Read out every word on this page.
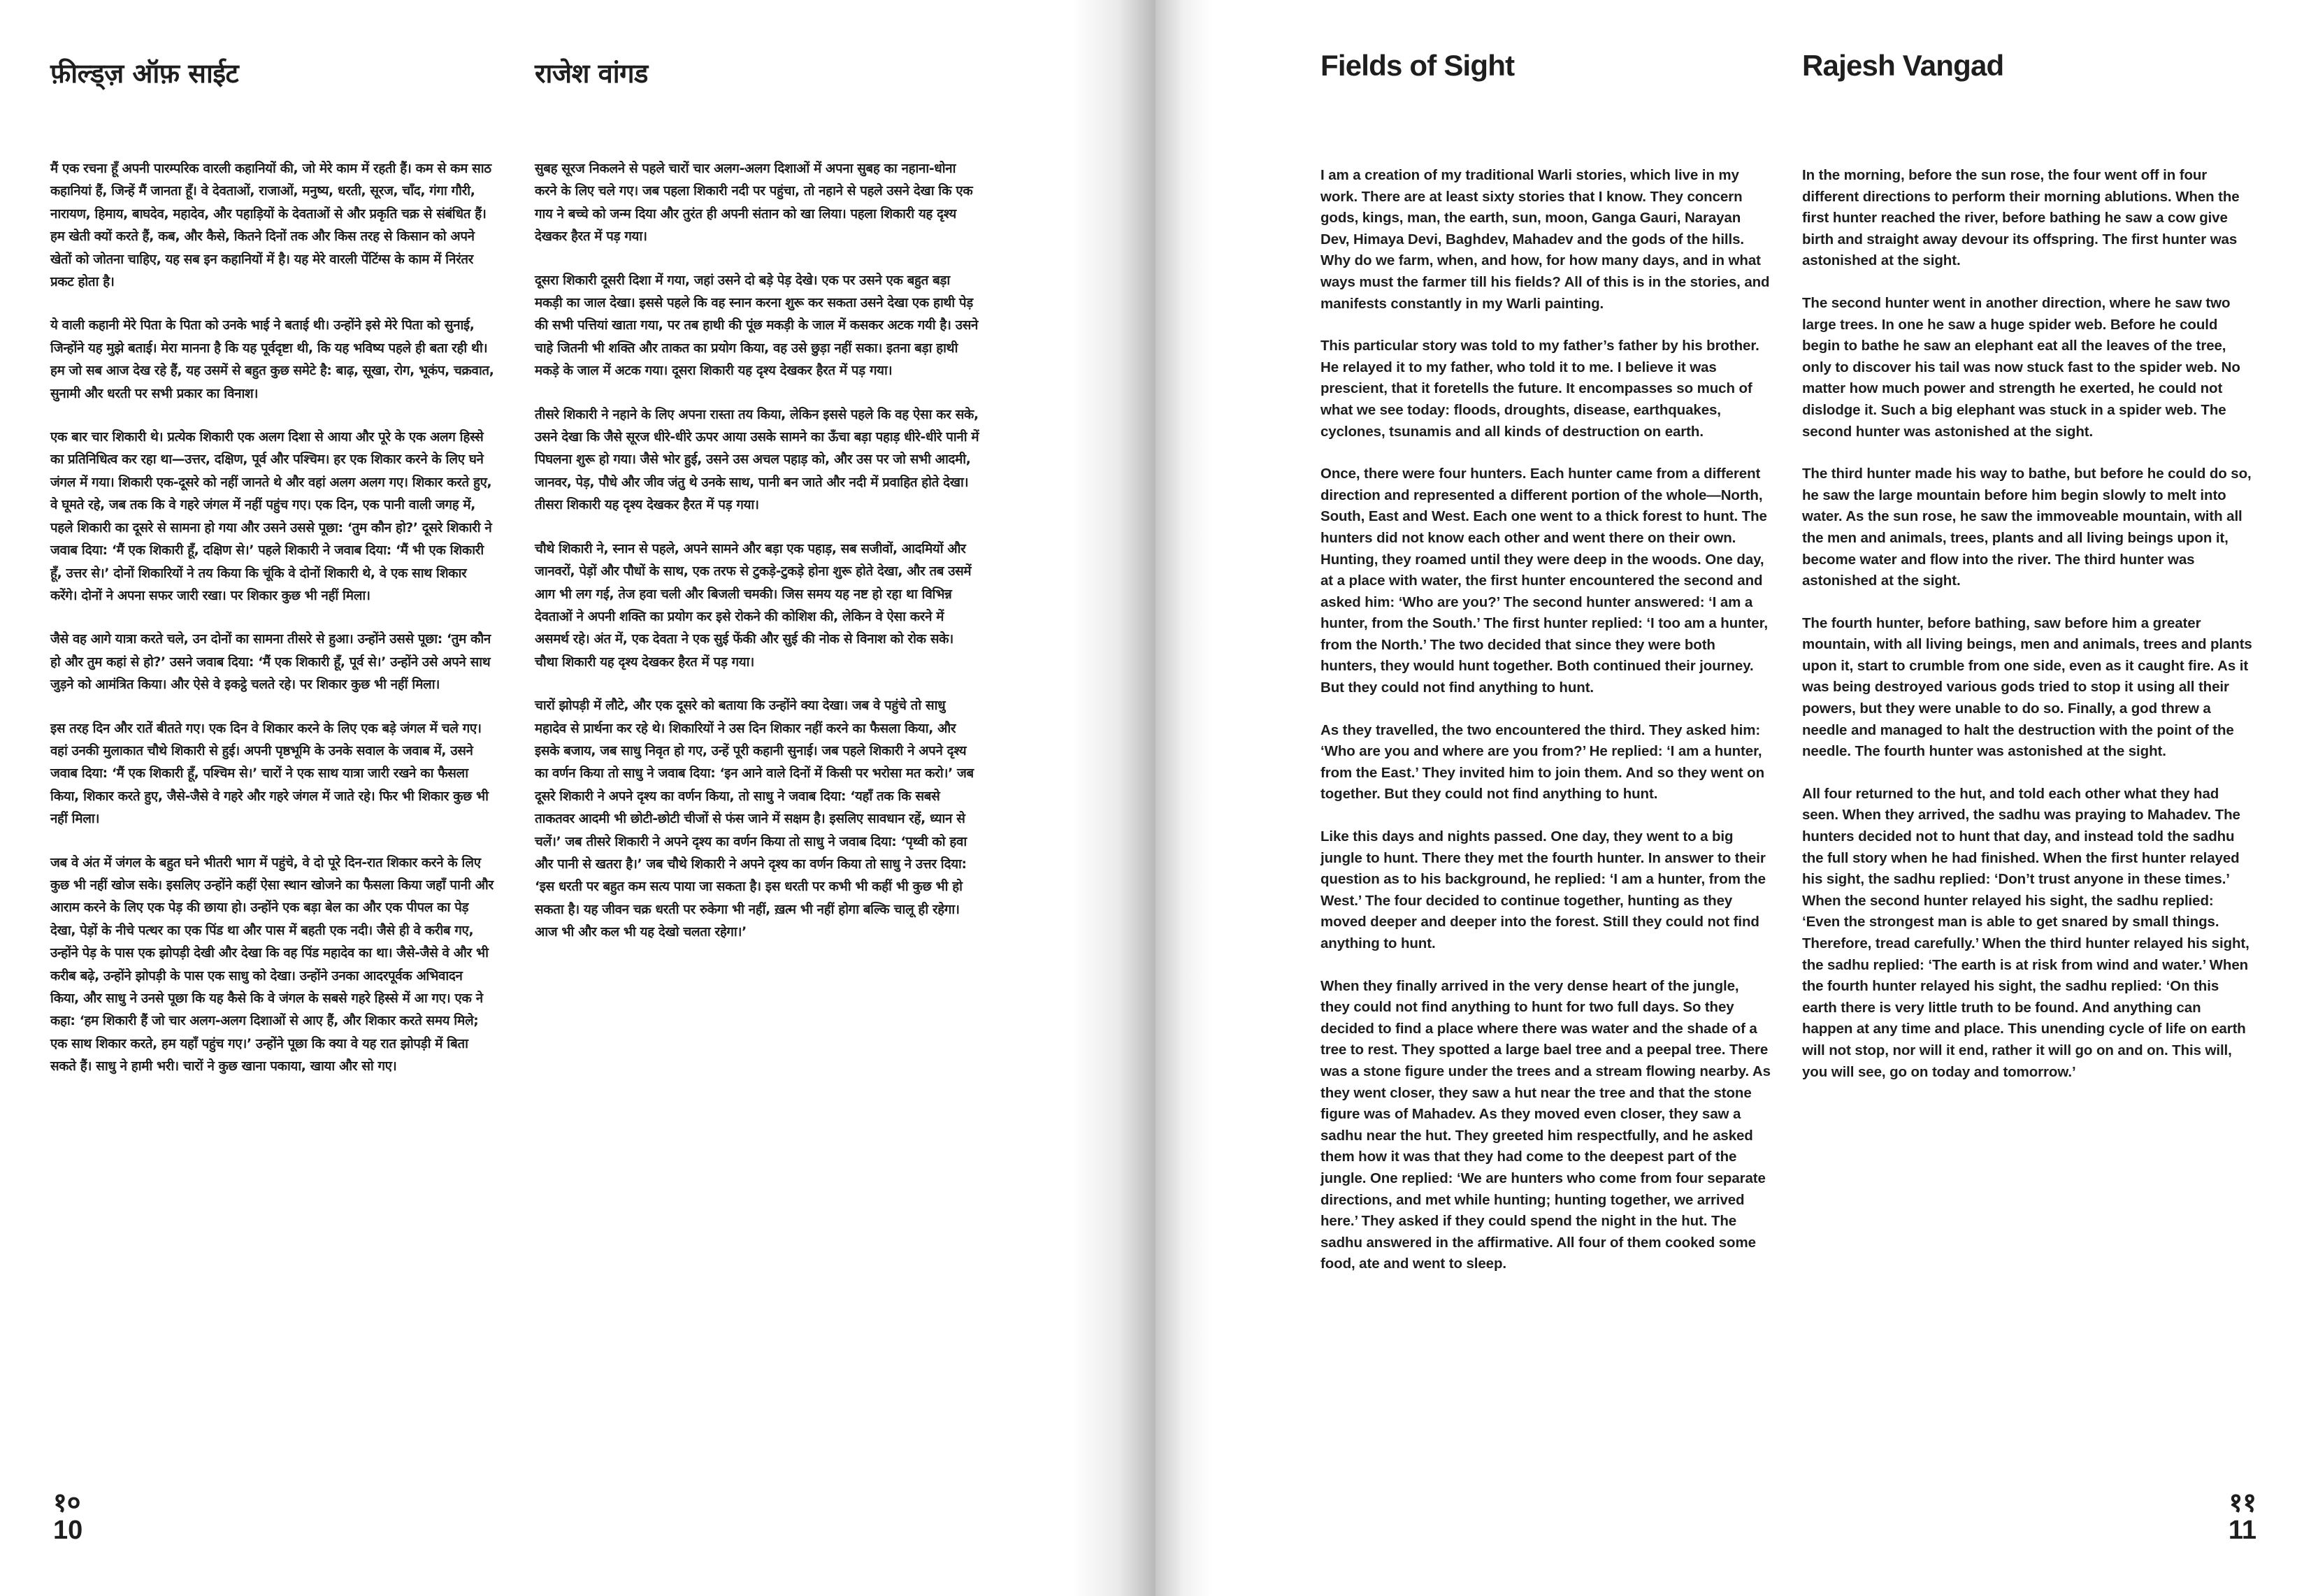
फ़ील्ड्ज़ ऑफ़ साईट	राजेश वांगड

मैं एक रचना हूँ अपनी पारम्परिक वारली कहानियों की, जो मेरे काम में रहती हैं। कम से कम साठ कहानियां हैं, जिन्हें मैं जानता हूँ। वे देवताओं, राजाओं, मनुष्य, धरती, सूरज, चाँद, गंगा गौरी, नारायण, हिमाय, बाघदेव, महादेव, और पहाड़ियों के देवताओं से और प्रकृति चक्र से संबंधित हैं। हम खेती क्यों करते हैं, कब, और कैसे, कितने दिनों तक और किस तरह से किसान को अपने खेतों को जोतना चाहिए, यह सब इन कहानियों में है। यह मेरे वारली पेंटिंग्स के काम में निरंतर प्रकट होता है।

ये वाली कहानी मेरे पिता के पिता को उनके भाई ने बताई थी। उन्होंने इसे मेरे पिता को सुनाई, जिन्होंने यह मुझे बताई। मेरा मानना है कि यह पूर्वदृष्टा थी, कि यह भविष्य पहले ही बता रही थी। हम जो सब आज देख रहे हैं, यह उसमें से बहुत कुछ समेटे है: बाढ़, सूखा, रोग, भूकंप, चक्रवात, सुनामी और धरती पर सभी प्रकार का विनाश।

एक बार चार शिकारी थे। प्रत्येक शिकारी एक अलग दिशा से आया और पूरे के एक अलग हिस्से का प्रतिनिधित्व कर रहा था—उत्तर, दक्षिण, पूर्व और पश्चिम। हर एक शिकार करने के लिए घने जंगल में गया। शिकारी एक-दूसरे को नहीं जानते थे और वहां अलग अलग गए। शिकार करते हुए, वे घूमते रहे, जब तक कि वे गहरे जंगल में नहीं पहुंच गए। एक दिन, एक पानी वाली जगह में, पहले शिकारी का दूसरे से सामना हो गया और उसने उससे पूछा: ‘तुम कौन हो?’ दूसरे शिकारी ने जवाब दिया: ‘मैं एक शिकारी हूँ, दक्षिण से।’ पहले शिकारी ने जवाब दिया: ‘मैं भी एक शिकारी हूँ, उत्तर से।’ दोनों शिकारियों ने तय किया कि चूंकि वे दोनों शिकारी थे, वे एक साथ शिकार करेंगे। दोनों ने अपना सफर जारी रखा। पर शिकार कुछ भी नहीं मिला।

जैसे वह आगे यात्रा करते चले, उन दोनों का सामना तीसरे से हुआ। उन्होंने उससे पूछा: ‘तुम कौन हो और तुम कहां से हो?’ उसने जवाब दिया: ‘मैं एक शिकारी हूँ, पूर्व से।’ उन्होंने उसे अपने साथ जुड़ने को आमंत्रित किया। और ऐसे वे इकट्ठे चलते रहे। पर शिकार कुछ भी नहीं मिला।

इस तरह दिन और रातें बीतते गए। एक दिन वे शिकार करने के लिए एक बड़े जंगल में चले गए। वहां उनकी मुलाकात चौथे शिकारी से हुई। अपनी पृष्ठभूमि के उनके सवाल के जवाब में, उसने जवाब दिया: ‘मैं एक शिकारी हूँ, पश्चिम से।’ चारों ने एक साथ यात्रा जारी रखने का फैसला किया, शिकार करते हुए, जैसे-जैसे वे गहरे और गहरे जंगल में जाते रहे। फिर भी शिकार कुछ भी नहीं मिला।

जब वे अंत में जंगल के बहुत घने भीतरी भाग में पहुंचे, वे दो पूरे दिन-रात शिकार करने के लिए कुछ भी नहीं खोज सके। इसलिए उन्होंने कहीं ऐसा स्थान खोजने का फैसला किया जहाँ पानी और आराम करने के लिए एक पेड़ की छाया हो। उन्होंने एक बड़ा बेल का और एक पीपल का पेड़ देखा, पेड़ों के नीचे पत्थर का एक पिंड था और पास में बहती एक नदी। जैसे ही वे करीब गए, उन्होंने पेड़ के पास एक झोपड़ी देखी और देखा कि वह पिंड महादेव का था। जैसे-जैसे वे और भी करीब बढ़े, उन्होंने झोपड़ी के पास एक साधु को देखा। उन्होंने उनका आदरपूर्वक अभिवादन किया, और साधु ने उनसे पूछा कि यह कैसे कि वे जंगल के सबसे गहरे हिस्से में आ गए। एक ने कहा: ‘हम शिकारी हैं जो चार अलग-अलग दिशाओं से आए हैं, और शिकार करते समय मिले; एक साथ शिकार करते, हम यहाँ पहुंच गए।’ उन्होंने पूछा कि क्या वे यह रात झोपड़ी में बिता सकते हैं। साधु ने हामी भरी। चारों ने कुछ खाना पकाया, खाया और सो गए।

सुबह सूरज निकलने से पहले चारों चार अलग-अलग दिशाओं में अपना सुबह का नहाना-धोना करने के लिए चले गए। जब पहला शिकारी नदी पर पहुंचा, तो नहाने से पहले उसने देखा कि एक गाय ने बच्चे को जन्म दिया और तुरंत ही अपनी संतान को खा लिया। पहला शिकारी यह दृश्य देखकर हैरत में पड़ गया।

दूसरा शिकारी दूसरी दिशा में गया, जहां उसने दो बड़े पेड़ देखे। एक पर उसने एक बहुत बड़ा मकड़ी का जाल देखा। इससे पहले कि वह स्नान करना शुरू कर सकता उसने देखा एक हाथी पेड़ की सभी पत्तियां खाता गया, पर तब हाथी की पूंछ मकड़ी के जाल में कसकर अटक गयी है। उसने चाहे जितनी भी शक्ति और ताकत का प्रयोग किया, वह उसे छुड़ा नहीं सका। इतना बड़ा हाथी मकड़े के जाल में अटक गया। दूसरा शिकारी यह दृश्य देखकर हैरत में पड़ गया।

तीसरे शिकारी ने नहाने के लिए अपना रास्ता तय किया, लेकिन इससे पहले कि वह ऐसा कर सके, उसने देखा कि जैसे सूरज धीरे-धीरे ऊपर आया उसके सामने का ऊँचा बड़ा पहाड़ धीरे-धीरे पानी में पिघलना शुरू हो गया। जैसे भोर हुई, उसने उस अचल पहाड़ को, और उस पर जो सभी आदमी, जानवर, पेड़, पौधे और जीव जंतु थे उनके साथ, पानी बन जाते और नदी में प्रवाहित होते देखा। तीसरा शिकारी यह दृश्य देखकर हैरत में पड़ गया।

चौथे शिकारी ने, स्नान से पहले, अपने सामने और बड़ा एक पहाड़, सब सजीवों, आदमियों और जानवरों, पेड़ों और पौधों के साथ, एक तरफ से टुकड़े-टुकड़े होना शुरू होते देखा, और तब उसमें आग भी लग गई, तेज हवा चली और बिजली चमकी। जिस समय यह नष्ट हो रहा था विभिन्न देवताओं ने अपनी शक्ति का प्रयोग कर इसे रोकने की कोशिश की, लेकिन वे ऐसा करने में असमर्थ रहे। अंत में, एक देवता ने एक सुई फेंकी और सुई की नोक से विनाश को रोक सके। चौथा शिकारी यह दृश्य देखकर हैरत में पड़ गया।

चारों झोपड़ी में लौटे, और एक दूसरे को बताया कि उन्होंने क्या देखा। जब वे पहुंचे तो साधु महादेव से प्रार्थना कर रहे थे। शिकारियों ने उस दिन शिकार नहीं करने का फैसला किया, और इसके बजाय, जब साधु निवृत हो गए, उन्हें पूरी कहानी सुनाई। जब पहले शिकारी ने अपने दृश्य का वर्णन किया तो साधु ने जवाब दिया: ‘इन आने वाले दिनों में किसी पर भरोसा मत करो।’ जब दूसरे शिकारी ने अपने दृश्य का वर्णन किया, तो साधु ने जवाब दिया: ‘यहाँ तक कि सबसे ताकतवर आदमी भी छोटी-छोटी चीजों से फंस जाने में सक्षम है। इसलिए सावधान रहें, ध्यान से चलें।’ जब तीसरे शिकारी ने अपने दृश्य का वर्णन किया तो साधु ने जवाब दिया: ‘पृथ्वी को हवा और पानी से खतरा है।’ जब चौथे शिकारी ने अपने दृश्य का वर्णन किया तो साधु ने उत्तर दिया: ‘इस धरती पर बहुत कम सत्य पाया जा सकता है। इस धरती पर कभी भी कहीं भी कुछ भी हो सकता है। यह जीवन चक्र धरती पर रुकेगा भी नहीं, ख़त्म भी नहीं होगा बल्कि चालू ही रहेगा। आज भी और कल भी यह देखो चलता रहेगा।’

१०
10
Fields of Sight	Rajesh Vangad

I am a creation of my traditional Warli stories, which live in my work. There are at least sixty stories that I know. They concern gods, kings, man, the earth, sun, moon, Ganga Gauri, Narayan Dev, Himaya Devi, Baghdev, Mahadev and the gods of the hills. Why do we farm, when, and how, for how many days, and in what ways must the farmer till his fields? All of this is in the stories, and manifests constantly in my Warli painting.

This particular story was told to my father’s father by his brother. He relayed it to my father, who told it to me. I believe it was prescient, that it foretells the future. It encompasses so much of what we see today: floods, droughts, disease, earthquakes, cyclones, tsunamis and all kinds of destruction on earth.

Once, there were four hunters. Each hunter came from a different direction and represented a different portion of the whole—North, South, East and West. Each one went to a thick forest to hunt. The hunters did not know each other and went there on their own. Hunting, they roamed until they were deep in the woods. One day, at a place with water, the first hunter encountered the second and asked him: ‘Who are you?’ The second hunter answered: ‘I am a hunter, from the South.’ The first hunter replied: ‘I too am a hunter, from the North.’ The two decided that since they were both hunters, they would hunt together. Both continued their journey. But they could not find anything to hunt.

As they travelled, the two encountered the third. They asked him: ‘Who are you and where are you from?’ He replied: ‘I am a hunter, from the East.’ They invited him to join them. And so they went on together. But they could not find anything to hunt.

Like this days and nights passed. One day, they went to a big jungle to hunt. There they met the fourth hunter. In answer to their question as to his background, he replied: ‘I am a hunter, from the West.’ The four decided to continue together, hunting as they moved deeper and deeper into the forest. Still they could not find anything to hunt.

When they finally arrived in the very dense heart of the jungle, they could not find anything to hunt for two full days. So they decided to find a place where there was water and the shade of a tree to rest. They spotted a large bael tree and a peepal tree. There was a stone figure under the trees and a stream flowing nearby. As they went closer, they saw a hut near the tree and that the stone figure was of Mahadev. As they moved even closer, they saw a sadhu near the hut. They greeted him respectfully, and he asked them how it was that they had come to the deepest part of the jungle. One replied: ‘We are hunters who come from four separate directions, and met while hunting; hunting together, we arrived here.’ They asked if they could spend the night in the hut. The sadhu answered in the affirmative. All four of them cooked some food, ate and went to sleep.

In the morning, before the sun rose, the four went off in four different directions to perform their morning ablutions. When the first hunter reached the river, before bathing he saw a cow give birth and straight away devour its offspring. The first hunter was astonished at the sight.

The second hunter went in another direction, where he saw two large trees. In one he saw a huge spider web. Before he could begin to bathe he saw an elephant eat all the leaves of the tree, only to discover his tail was now stuck fast to the spider web. No matter how much power and strength he exerted, he could not dislodge it. Such a big elephant was stuck in a spider web. The second hunter was astonished at the sight.

The third hunter made his way to bathe, but before he could do so, he saw the large mountain before him begin slowly to melt into water. As the sun rose, he saw the immoveable mountain, with all the men and animals, trees, plants and all living beings upon it, become water and flow into the river. The third hunter was astonished at the sight.

The fourth hunter, before bathing, saw before him a greater mountain, with all living beings, men and animals, trees and plants upon it, start to crumble from one side, even as it caught fire. As it was being destroyed various gods tried to stop it using all their powers, but they were unable to do so. Finally, a god threw a needle and managed to halt the destruction with the point of the needle. The fourth hunter was astonished at the sight.

All four returned to the hut, and told each other what they had seen. When they arrived, the sadhu was praying to Mahadev. The hunters decided not to hunt that day, and instead told the sadhu the full story when he had finished. When the first hunter relayed his sight, the sadhu replied: ‘Don’t trust anyone in these times.’ When the second hunter relayed his sight, the sadhu replied: ‘Even the strongest man is able to get snared by small things. Therefore, tread carefully.’ When the third hunter relayed his sight, the sadhu replied: ‘The earth is at risk from wind and water.’ When the fourth hunter relayed his sight, the sadhu replied: ‘On this earth there is very little truth to be found. And anything can happen at any time and place. This unending cycle of life on earth will not stop, nor will it end, rather it will go on and on. This will, you will see, go on today and tomorrow.’

११
11
